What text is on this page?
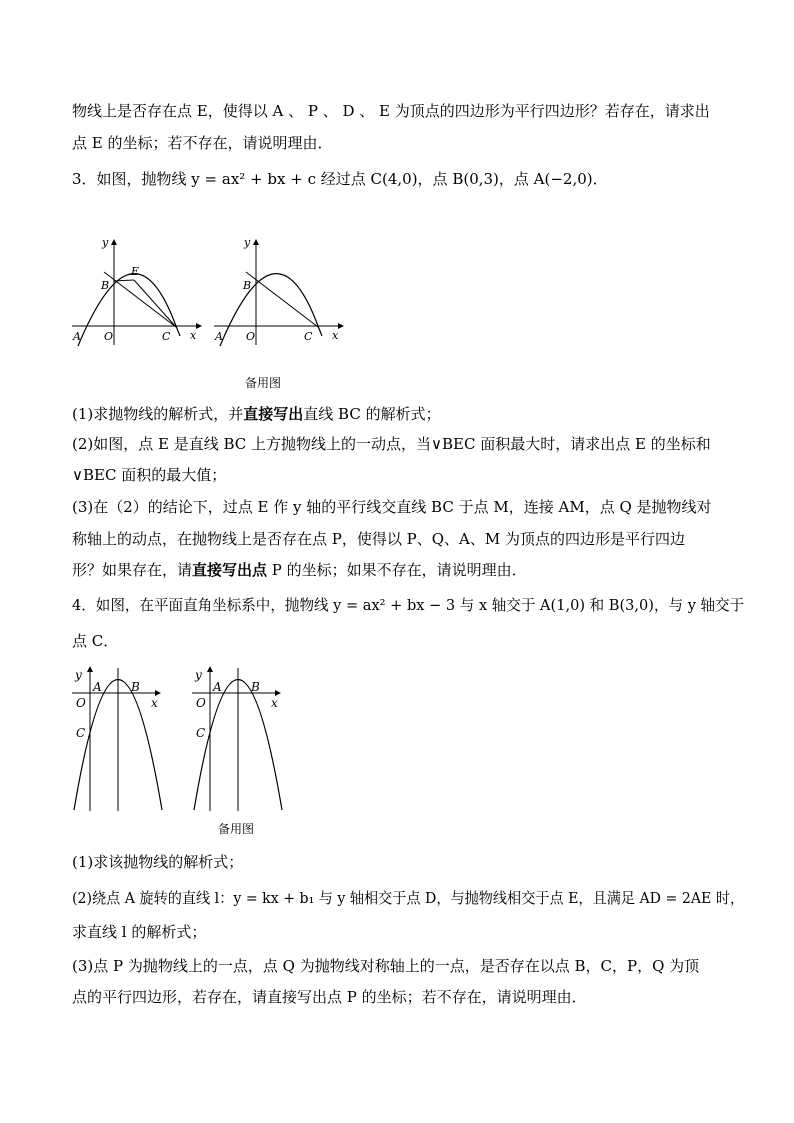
物线上是否存在点 E，使得以 A 、 P 、 D 、 E 为顶点的四边形为平行四边形？若存在，请求出
点 E 的坐标；若不存在，请说明理由．
3．如图，抛物线 y = ax² + bx + c 经过点 C(4,0)，点 B(0,3)，点 A(−2,0)．
y
x
B
E
O
A	C
y
x
B
O
A	C
备用图
(1)求抛物线的解析式，并直接写出直线 BC 的解析式；
(2)如图，点 E 是直线 BC 上方抛物线上的一动点，当∨BEC 面积最大时，请求出点 E 的坐标和
∨BEC 面积的最大值；
(3)在（2）的结论下，过点 E 作 y 轴的平行线交直线 BC 于点 M，连接 AM，点 Q 是抛物线对
称轴上的动点，在抛物线上是否存在点 P，使得以 P、Q、A、M 为顶点的四边形是平行四边
形？如果存在，请直接写出点 P 的坐标；如果不存在，请说明理由．
4．如图，在平面直角坐标系中，抛物线 y = ax² + bx − 3 与 x 轴交于 A(1,0) 和 B(3,0)，与 y 轴交于
点 C．
y
x
A B
O
C
y
x
A B
O
C
备用图
(1)求该抛物线的解析式；
(2)绕点 A 旋转的直线 l：y = kx + b₁ 与 y 轴相交于点 D，与抛物线相交于点 E，且满足 AD = 2AE 时，
求直线 l 的解析式；
(3)点 P 为抛物线上的一点，点 Q 为抛物线对称轴上的一点，是否存在以点 B，C，P，Q 为顶
点的平行四边形，若存在，请直接写出点 P 的坐标；若不存在，请说明理由．
